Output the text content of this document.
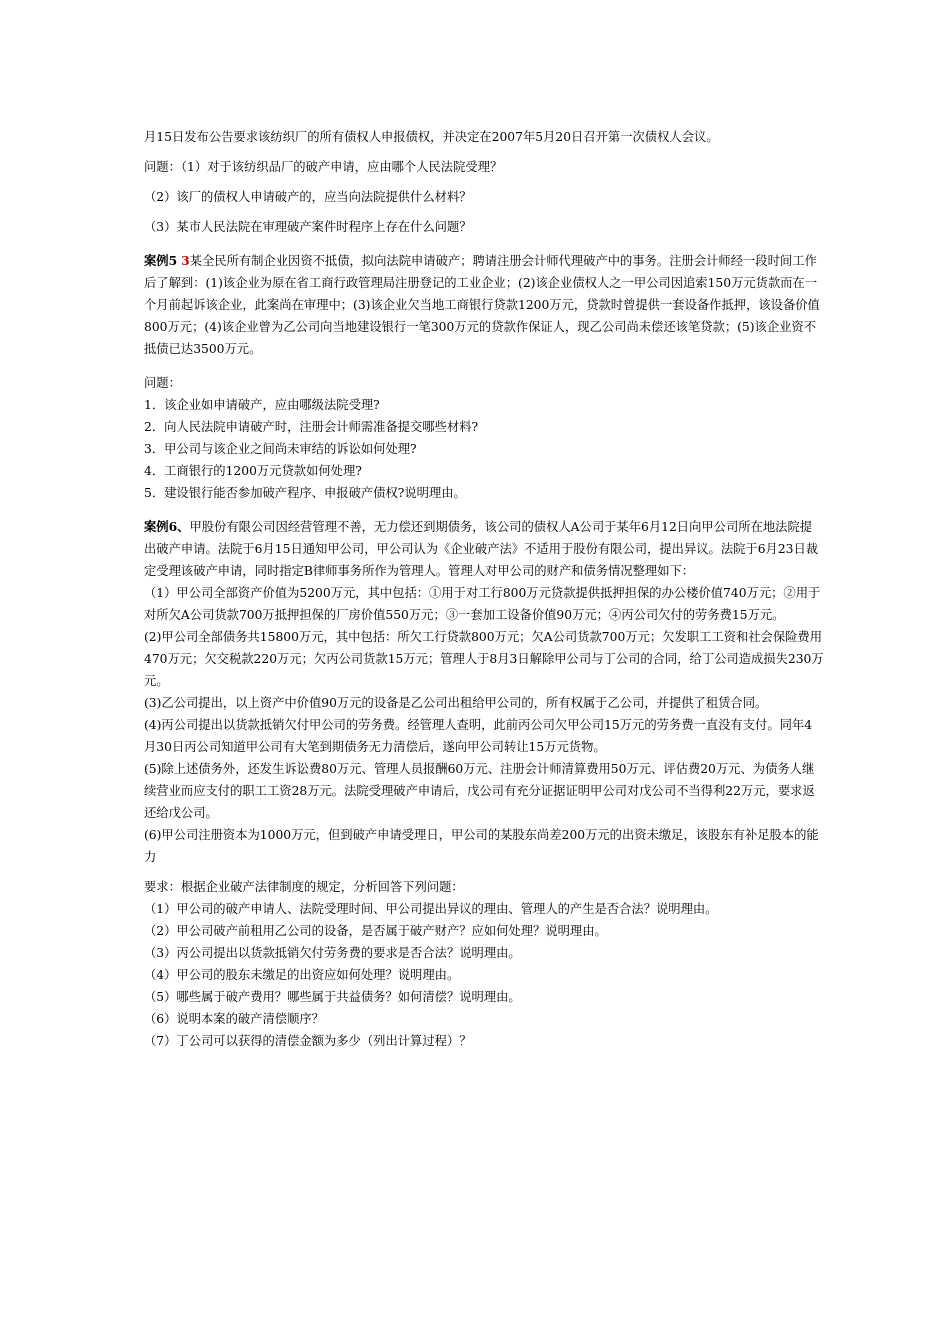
月15日发布公告要求该纺织厂的所有债权人申报债权，并决定在2007年5月20日召开第一次债权人会议。

问题：（1）对于该纺织品厂的破产申请，应由哪个人民法院受理？

（2）该厂的债权人申请破产的，应当向法院提供什么材料？

（3）某市人民法院在审理破产案件时程序上存在什么问题？

案例5 3某全民所有制企业因资不抵债，拟向法院申请破产；聘请注册会计师代理破产中的事务。注册会计师经一段时间工作后了解到：(1)该企业为原在省工商行政管理局注册登记的工业企业；(2)该企业债权人之一甲公司因追索150万元货款而在一个月前起诉该企业，此案尚在审理中；(3)该企业欠当地工商银行贷款1200万元，贷款时曾提供一套设备作抵押，该设备价值800万元；(4)该企业曾为乙公司向当地建设银行一笔300万元的贷款作保证人，现乙公司尚未偿还该笔贷款；(5)该企业资不抵债已达3500万元。

问题：

1．该企业如申请破产，应由哪级法院受理?

2．向人民法院申请破产时，注册会计师需准备提交哪些材料?

3．甲公司与该企业之间尚未审结的诉讼如何处理?

4．工商银行的1200万元贷款如何处理?

5．建设银行能否参加破产程序、申报破产债权?说明理由。

案例6、甲股份有限公司因经营管理不善，无力偿还到期债务，该公司的债权人A公司于某年6月12日向甲公司所在地法院提出破产申请。法院于6月15日通知甲公司，甲公司认为《企业破产法》不适用于股份有限公司，提出异议。法院于6月23日裁定受理该破产申请，同时指定B律师事务所作为管理人。管理人对甲公司的财产和债务情况整理如下：

（1）甲公司全部资产价值为5200万元，其中包括：①用于对工行800万元贷款提供抵押担保的办公楼价值740万元；②用于对所欠A公司货款700万抵押担保的厂房价值550万元；③一套加工设备价值90万元；④丙公司欠付的劳务费15万元。

(2)甲公司全部债务共15800万元，其中包括：所欠工行贷款800万元；欠A公司货款700万元；欠发职工工资和社会保险费用470万元；欠交税款220万元；欠丙公司货款15万元；管理人于8月3日解除甲公司与丁公司的合同，给丁公司造成损失230万元。

(3)乙公司提出，以上资产中价值90万元的设备是乙公司出租给甲公司的，所有权属于乙公司，并提供了租赁合同。

(4)丙公司提出以货款抵销欠付甲公司的劳务费。经管理人查明，此前丙公司欠甲公司15万元的劳务费一直没有支付。同年4月30日丙公司知道甲公司有大笔到期债务无力清偿后，遂向甲公司转让15万元货物。

(5)除上述债务外，还发生诉讼费80万元、管理人员报酬60万元、注册会计师清算费用50万元、评估费20万元、为债务人继续营业而应支付的职工工资28万元。法院受理破产申请后，戊公司有充分证据证明甲公司对戊公司不当得利22万元，要求返还给戊公司。

(6)甲公司注册资本为1000万元，但到破产申请受理日，甲公司的某股东尚差200万元的出资未缴足，该股东有补足股本的能力

要求：根据企业破产法律制度的规定，分析回答下列问题：

（1）甲公司的破产申请人、法院受理时间、甲公司提出异议的理由、管理人的产生是否合法？说明理由。

（2）甲公司破产前租用乙公司的设备，是否属于破产财产？应如何处理？说明理由。

（3）丙公司提出以货款抵销欠付劳务费的要求是否合法？说明理由。

（4）甲公司的股东未缴足的出资应如何处理？说明理由。

（5）哪些属于破产费用？哪些属于共益债务？如何清偿？说明理由。

（6）说明本案的破产清偿顺序？

（7）丁公司可以获得的清偿金额为多少（列出计算过程）？
